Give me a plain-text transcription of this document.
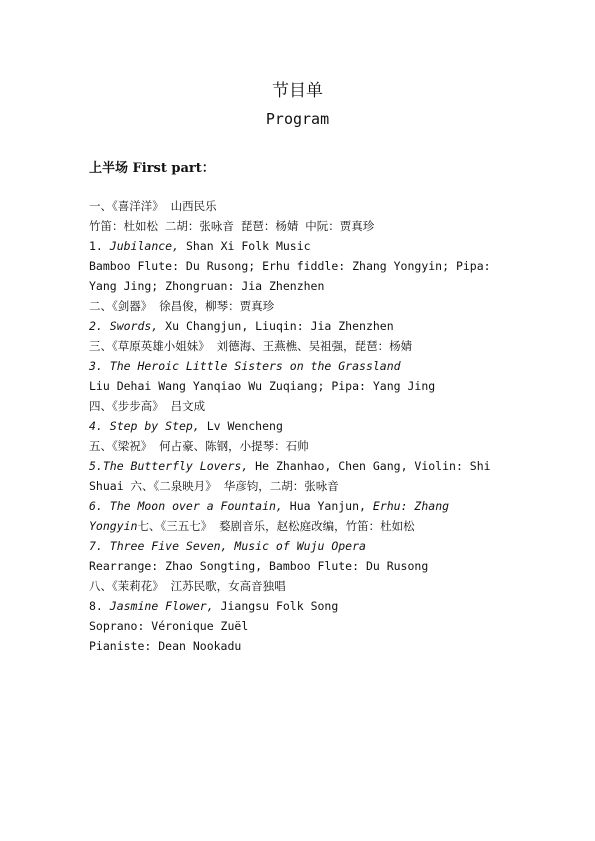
节目单
Program
上半场 First part：
一、《喜洋洋》 山西民乐
竹笛：杜如松 二胡：张咏音 琵琶：杨婧 中阮：贾真珍
1. Jubilance, Shan Xi Folk Music
Bamboo Flute: Du Rusong; Erhu fiddle: Zhang Yongyin; Pipa:
Yang Jing; Zhongruan: Jia Zhenzhen
二、《剑器》 徐昌俊，柳琴：贾真珍
2. Swords, Xu Changjun, Liuqin: Jia Zhenzhen
三、《草原英雄小姐妹》 刘德海、王燕樵、吴祖强，琵琶：杨婧
3. The Heroic Little Sisters on the Grassland
Liu Dehai Wang Yanqiao Wu Zuqiang; Pipa: Yang Jing
四、《步步高》 吕文成
4. Step by Step, Lv Wencheng
五、《梁祝》 何占豪、陈钢，小提琴：石帅
5.The Butterfly Lovers, He Zhanhao, Chen Gang, Violin: Shi
Shuai 六、《二泉映月》 华彦钧，二胡：张咏音
6. The Moon over a Fountain, Hua Yanjun, Erhu: Zhang
Yongyin七、《三五七》 婺剧音乐，赵松庭改编，竹笛：杜如松
7. Three Five Seven, Music of Wuju Opera
Rearrange: Zhao Songting, Bamboo Flute: Du Rusong
八、《茉莉花》 江苏民歌，女高音独唱
8. Jasmine Flower, Jiangsu Folk Song
Soprano: Véronique Zuël
Pianiste: Dean Nookadu
